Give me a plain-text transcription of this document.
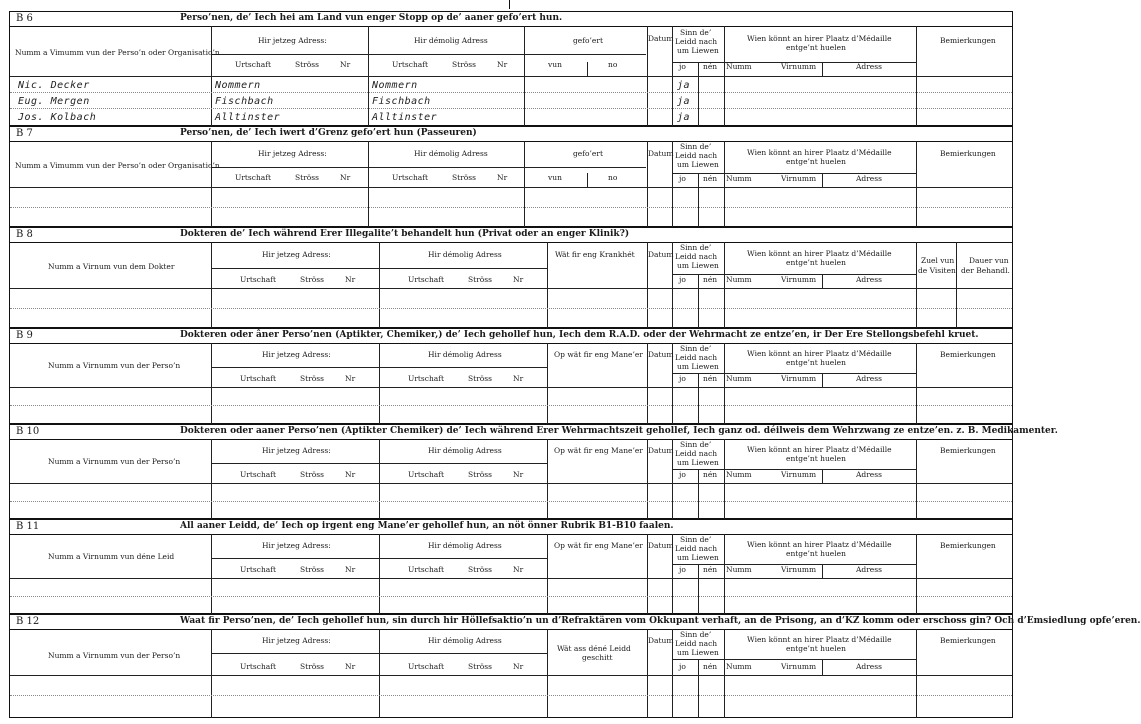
B 6	Perso’nen, de’ Iech hei am Land vun enger Stopp op de’ aaner gefo’ert hun.
Numm a Vimumm vun der Perso’n oder Organisatio’n
Hir jetzeg Adress:	Hir démolig Adress	gefo’ert
Urtschaft	Ströss	Nr	Urtschaft	Ströss	Nr	vun	no
Datum
Sinn de’
Leidd nach
um Liewen
jo nén
Wien könnt an hirer Plaatz d’Médaille
entge’nt huelen
Numm	Virnumm	Adress
Bemierkungen
Nic. Decker	Nommern	Nommern	ja
Eug. Mergen	Fischbach	Fischbach	ja
Jos. Kolbach	Alltinster	Alltinster	ja
B 7	Perso’nen, de’ Iech iwert d’Grenz gefo’ert hun (Passeuren)
Numm a Vimumm vun der Perso’n oder Organisatio’n
Hir jetzeg Adress:	Hir démolig Adress	gefo’ert
Urtschaft	Ströss	Nr	Urtschaft	Ströss	Nr	vun	no
Datum
Sinn de’
Leidd nach
um Liewen
jo nén
Wien könnt an hirer Plaatz d’Médaille
entge’nt huelen
Numm	Virnumm	Adress
Bemierkungen
B 8	Dokteren de’ Iech während Erer Illegalite’t behandelt hun (Privat oder an enger Klinik?)
Numm a Virnum vun dem Dokter
Hir jetzeg Adress:	Hir démolig Adress	Wät fir eng Krankhét
Urtschaft	Ströss	Nr	Urtschaft	Ströss	Nr
Datum
Sinn de’
Leidd nach
um Liewen
jo nén
Wien könnt an hirer Plaatz d’Médaille
entge’nt huelen
Numm	Virnumm	Adress
Zuel vun
de Visiten
Dauer vun
der Behandl.
B 9	Dokteren oder âner Perso’nen (Aptikter, Chemiker,) de’ Iech gehollef hun, Iech dem R.A.D. oder der Wehrmacht ze entze’en, ir Der Ere Stellongsbefehl kruet.
Numm a Virnumm vun der Perso’n
Hir jetzeg Adress:	Hir démolig Adress	Op wät fir eng Mane’er
Urtschaft	Ströss	Nr	Urtschaft	Ströss	Nr
Datum
Sinn de’
Leidd nach
um Liewen
jo nén
Wien könnt an hirer Plaatz d’Médaille
entge’nt huelen
Numm	Virnumm	Adress
Bemierkungen
B 10	Dokteren oder aaner Perso’nen (Aptikter Chemiker) de’ Iech während Erer Wehrmachtszeit gehollef, Iech ganz od. déilweis dem Wehrzwang ze entze’en. z. B. Medikamenter.
Numm a Virnumm vun der Perso’n
Hir jetzeg Adress:	Hir démolig Adress	Op wät fir eng Mane’er
Urtschaft	Ströss	Nr	Urtschaft	Ströss	Nr
Datum
Sinn de’
Leidd nach
um Liewen
jo nén
Wien könnt an hirer Plaatz d’Médaille
entge’nt huelen
Numm	Virnumm	Adress
Bemierkungen
B 11	All aaner Leidd, de’ Iech op irgent eng Mane’er gehollef hun, an nöt önner Rubrik B1-B10 faalen.
Numm a Virnumm vun déne Leid
Hir jetzeg Adress:	Hir démolig Adress	Op wät fir eng Mane’er
Urtschaft	Ströss	Nr	Urtschaft	Ströss	Nr
Datum
Sinn de’
Leidd nach
um Liewen
jo nén
Wien könnt an hirer Plaatz d’Médaille
entge’nt huelen
Numm	Virnumm	Adress
Bemierkungen
B 12	Waat fir Perso’nen, de’ Iech gehollef hun, sin durch hir Höllefsaktio’n un d’Refraktären vom Okkupant verhaft, an de Prisong, an d’KZ komm oder erschoss gin? Och d’Emsiedlung opfe’eren.
Numm a Virnumm vun der Perso’n
Hir jetzeg Adress:	Hir démolig Adress
Wät ass déné Leidd
geschitt
Urtschaft	Ströss	Nr	Urtschaft	Ströss	Nr
Datum
Sinn de’
Leidd nach
um Liewen
jo nén
Wien könnt an hirer Plaatz d’Médaille
entge’nt huelen
Numm	Virnumm	Adress
Bemierkungen
